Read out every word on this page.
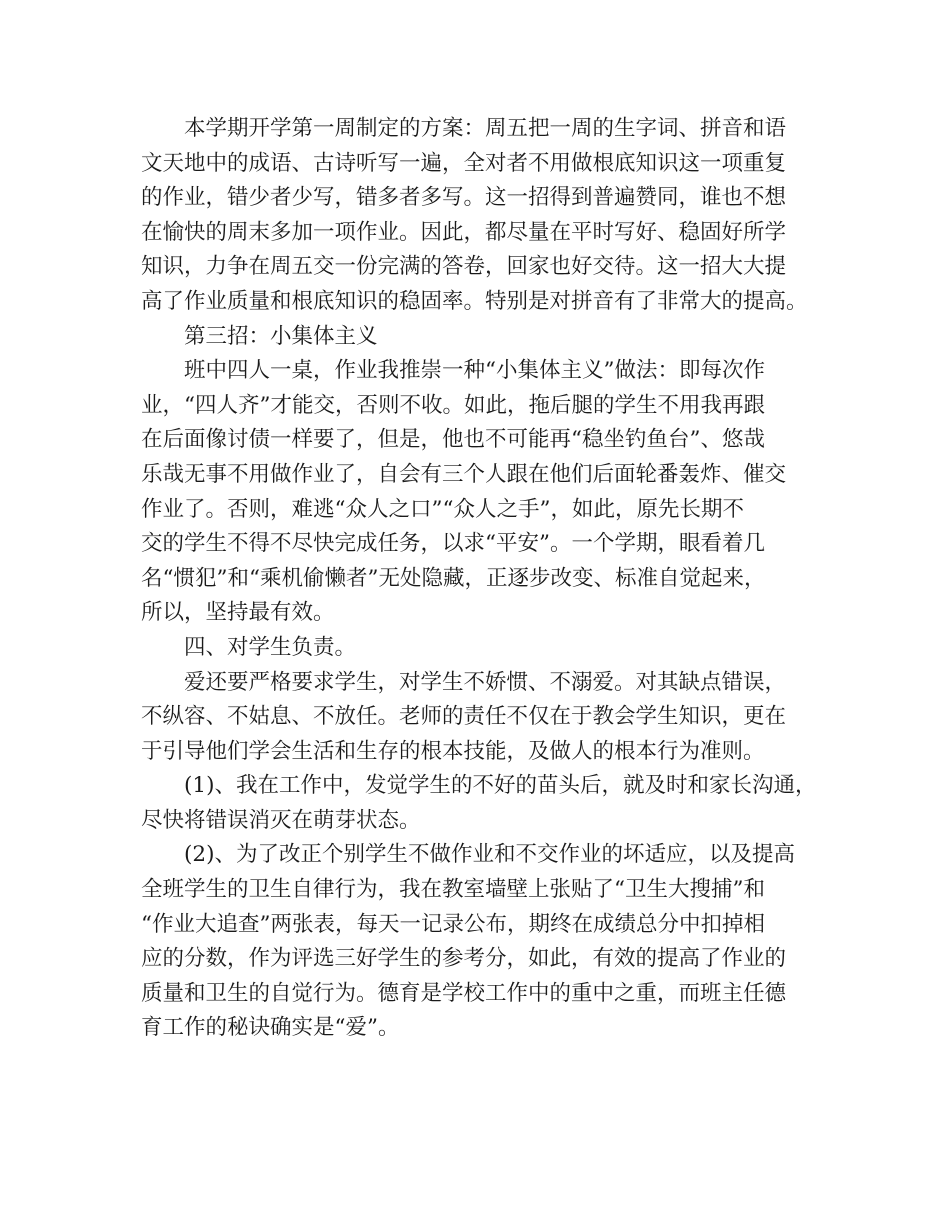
本学期开学第一周制定的方案：周五把一周的生字词、拼音和语
文天地中的成语、古诗听写一遍，全对者不用做根底知识这一项重复
的作业，错少者少写，错多者多写。这一招得到普遍赞同，谁也不想
在愉快的周末多加一项作业。因此，都尽量在平时写好、稳固好所学
知识，力争在周五交一份完满的答卷，回家也好交待。这一招大大提
高了作业质量和根底知识的稳固率。特别是对拼音有了非常大的提高。
第三招：小集体主义
班中四人一桌，作业我推崇一种“小集体主义”做法：即每次作
业，“四人齐”才能交，否则不收。如此，拖后腿的学生不用我再跟
在后面像讨债一样要了，但是，他也不可能再“稳坐钓鱼台”、悠哉
乐哉无事不用做作业了，自会有三个人跟在他们后面轮番轰炸、催交
作业了。否则，难逃“众人之口”“众人之手”，如此，原先长期不
交的学生不得不尽快完成任务，以求“平安”。一个学期，眼看着几
名“惯犯”和“乘机偷懒者”无处隐藏，正逐步改变、标准自觉起来，
所以，坚持最有效。
四、对学生负责。
爱还要严格要求学生，对学生不娇惯、不溺爱。对其缺点错误，
不纵容、不姑息、不放任。老师的责任不仅在于教会学生知识，更在
于引导他们学会生活和生存的根本技能，及做人的根本行为准则。
(1)、我在工作中，发觉学生的不好的苗头后，就及时和家长沟通，
尽快将错误消灭在萌芽状态。
(2)、为了改正个别学生不做作业和不交作业的坏适应，以及提高
全班学生的卫生自律行为，我在教室墙壁上张贴了“卫生大搜捕”和
“作业大追查”两张表，每天一记录公布，期终在成绩总分中扣掉相
应的分数，作为评选三好学生的参考分，如此，有效的提高了作业的
质量和卫生的自觉行为。德育是学校工作中的重中之重，而班主任德
育工作的秘诀确实是“爱”。
